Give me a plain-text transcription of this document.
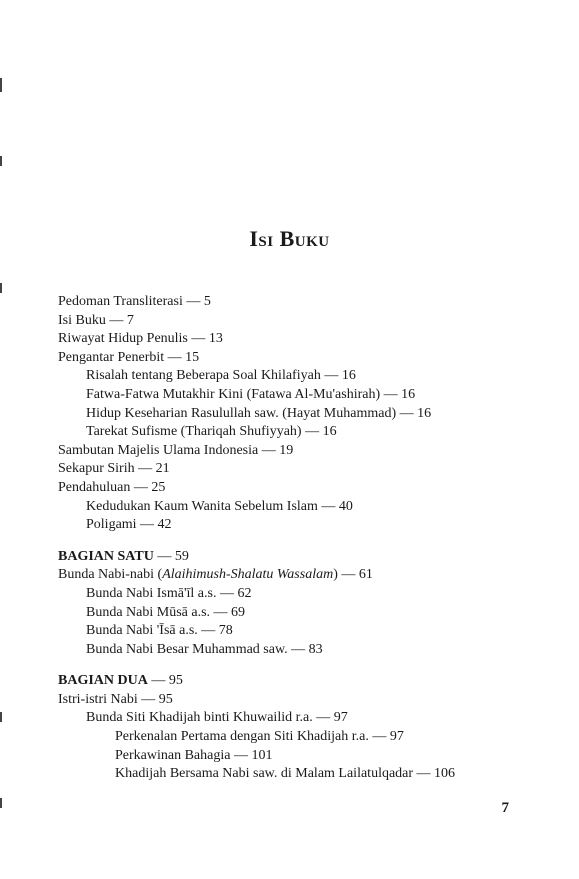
Isi Buku
Pedoman Transliterasi — 5
Isi Buku — 7
Riwayat Hidup Penulis — 13
Pengantar Penerbit — 15
Risalah tentang Beberapa Soal Khilafiyah — 16
Fatwa-Fatwa Mutakhir Kini (Fatawa Al-Mu'ashirah) — 16
Hidup Keseharian Rasulullah saw. (Hayat Muhammad) — 16
Tarekat Sufisme (Thariqah Shufiyyah) — 16
Sambutan Majelis Ulama Indonesia — 19
Sekapur Sirih — 21
Pendahuluan — 25
Kedudukan Kaum Wanita Sebelum Islam — 40
Poligami — 42
BAGIAN SATU — 59
Bunda Nabi-nabi (Alaihimush-Shalatu Wassalam) — 61
Bunda Nabi Ismā'īl a.s. — 62
Bunda Nabi Mūsā a.s. — 69
Bunda Nabi 'Īsā a.s. — 78
Bunda Nabi Besar Muhammad saw. — 83
BAGIAN DUA — 95
Istri-istri Nabi — 95
Bunda Siti Khadijah binti Khuwailid r.a. — 97
Perkenalan Pertama dengan Siti Khadijah r.a. — 97
Perkawinan Bahagia — 101
Khadijah Bersama Nabi saw. di Malam Lailatulqadar — 106
7
